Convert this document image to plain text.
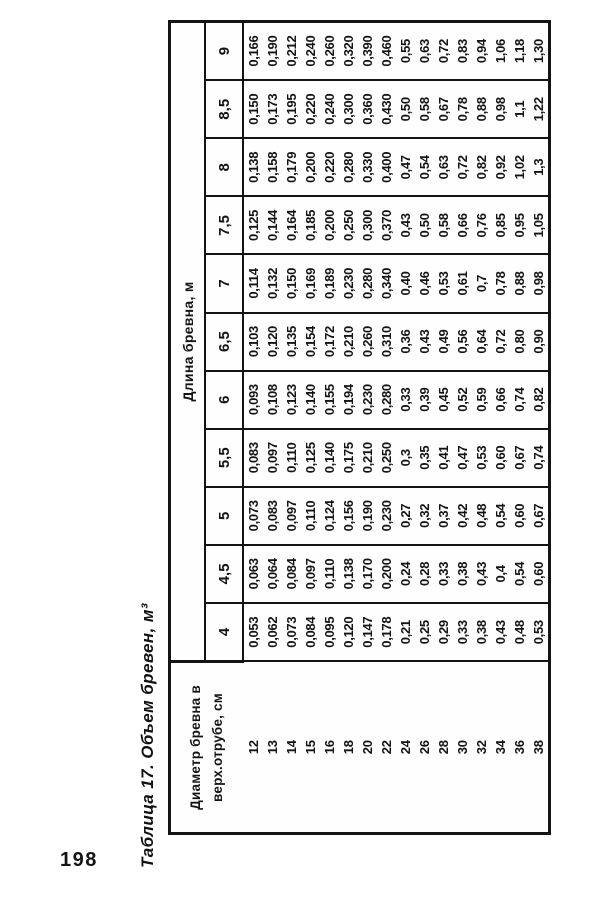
Таблица 17. Объем бревен, м³	Диаметр бревна в верх.отрубе, см	Длина бревна, м										
	4	4,5	5	5,5	6	6,5	7	7,5	8	8,5	9
12	0,053	0,063	0,073	0,083	0,093	0,103	0,114	0,125	0,138	0,150	0,166
13	0,062	0,064	0,083	0,097	0,108	0,120	0,132	0,144	0,158	0,173	0,190
14	0,073	0,084	0,097	0,110	0,123	0,135	0,150	0,164	0,179	0,195	0,212
15	0,084	0,097	0,110	0,125	0,140	0,154	0,169	0,185	0,200	0,220	0,240
16	0,095	0,110	0,124	0,140	0,155	0,172	0,189	0,200	0,220	0,240	0,260
18	0,120	0,138	0,156	0,175	0,194	0,210	0,230	0,250	0,280	0,300	0,320
20	0,147	0,170	0,190	0,210	0,230	0,260	0,280	0,300	0,330	0,360	0,390
22	0,178	0,200	0,230	0,250	0,280	0,310	0,340	0,370	0,400	0,430	0,460
24	0,21	0,24	0,27	0,3	0,33	0,36	0,40	0,43	0,47	0,50	0,55
26	0,25	0,28	0,32	0,35	0,39	0,43	0,46	0,50	0,54	0,58	0,63
28	0,29	0,33	0,37	0,41	0,45	0,49	0,53	0,58	0,63	0,67	0,72
30	0,33	0,38	0,42	0,47	0,52	0,56	0,61	0,66	0,72	0,78	0,83
32	0,38	0,43	0,48	0,53	0,59	0,64	0,7	0,76	0,82	0,88	0,94
34	0,43	0,4	0,54	0,60	0,66	0,72	0,78	0,85	0,92	0,98	1,06
36	0,48	0,54	0,60	0,67	0,74	0,80	0,88	0,95	1,02	1,1	1,18
38	0,53	0,60	0,67	0,74	0,82	0,90	0,98	1,05	1,3	1,22	1,30
198
